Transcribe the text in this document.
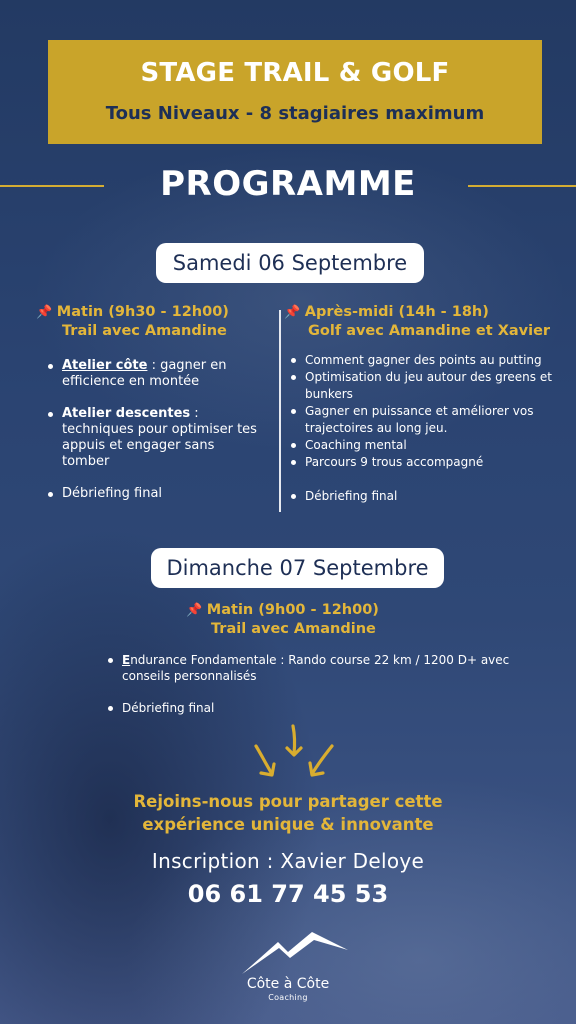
STAGE TRAIL & GOLF
Tous Niveaux - 8 stagiaires maximum
PROGRAMME
Samedi 06 Septembre
📌 Matin (9h30 - 12h00)
Trail avec Amandine
Atelier côte : gagner en efficience en montée
Atelier descentes : techniques pour optimiser tes appuis et engager sans tomber
Débriefing final
📌 Après-midi (14h - 18h)
Golf avec Amandine et Xavier
Comment gagner des points au putting
Optimisation du jeu autour des greens et bunkers
Gagner en puissance et améliorer vos trajectoires au long jeu.
Coaching mental
Parcours 9 trous accompagné
Débriefing final
Dimanche 07 Septembre
📌 Matin (9h00 - 12h00)
Trail avec Amandine
Endurance Fondamentale : Rando course 22 km / 1200 D+ avec conseils personnalisés
Débriefing final
Rejoins-nous pour partager cette
expérience unique & innovante
Inscription : Xavier Deloye
06 61 77 45 53
Côte à Côte
Coaching
